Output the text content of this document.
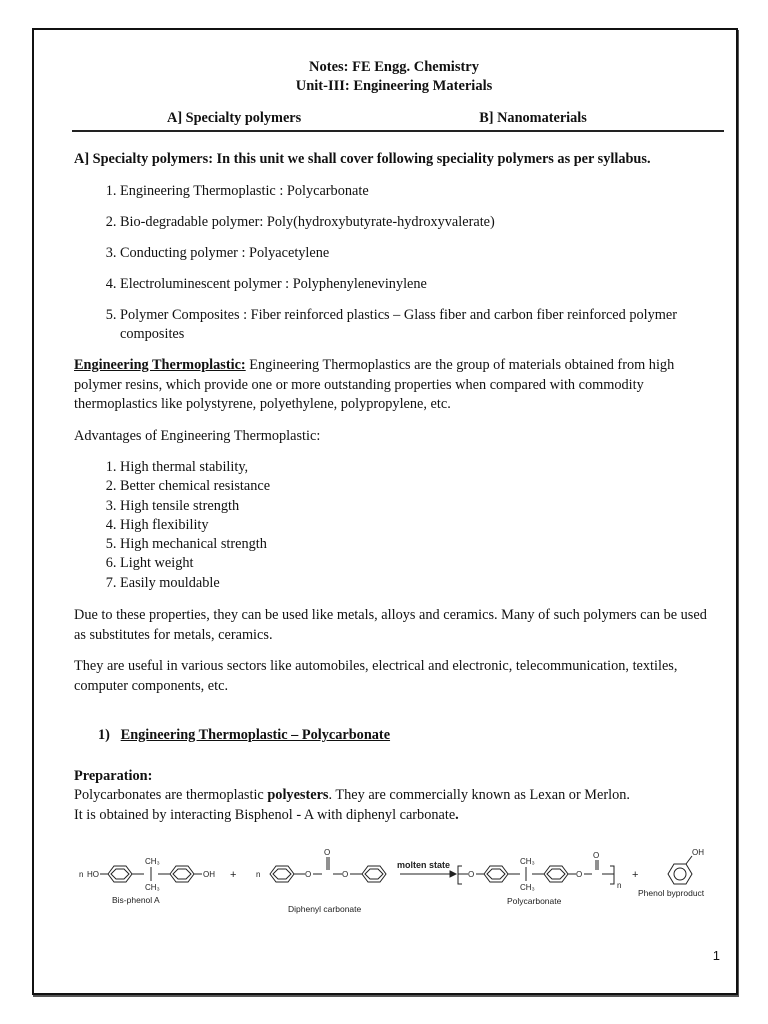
Notes: FE Engg. Chemistry
Unit-III: Engineering Materials
A] Specialty polymers	B] Nanomaterials

A] Specialty polymers: In this unit we shall cover following speciality polymers as per syllabus.

1. Engineering Thermoplastic : Polycarbonate
2. Bio-degradable polymer: Poly(hydroxybutyrate-hydroxyvalerate)
3. Conducting polymer : Polyacetylene
4. Electroluminescent polymer : Polyphenylenevinylene
5. Polymer Composites : Fiber reinforced plastics – Glass fiber and carbon fiber reinforced polymer composites

Engineering Thermoplastic: Engineering Thermoplastics are the group of materials obtained from high polymer resins, which provide one or more outstanding properties when compared with commodity thermoplastics like polystyrene, polyethylene, polypropylene, etc.

Advantages of Engineering Thermoplastic:

1. High thermal stability,
2. Better chemical resistance
3. High tensile strength
4. High flexibility
5. High mechanical strength
6. Light weight
7. Easily mouldable

Due to these properties, they can be used like metals, alloys and ceramics. Many of such polymers can be used as substitutes for metals, ceramics.

They are useful in various sectors like automobiles, electrical and electronic, telecommunication, textiles, computer components, etc.

1) Engineering Thermoplastic – Polycarbonate

Preparation:

Polycarbonates are thermoplastic polyesters. They are commercially known as Lexan or Merlon.

It is obtained by interacting Bisphenol - A with diphenyl carbonate.

n HO
CH₃
CH₃
OH
Bis-phenol A
+ n	O
O
O
Diphenyl carbonate
molten state
O
CH₃
CH₃
O
O
n
Polycarbonate
+
OH
Phenol byproduct
1
